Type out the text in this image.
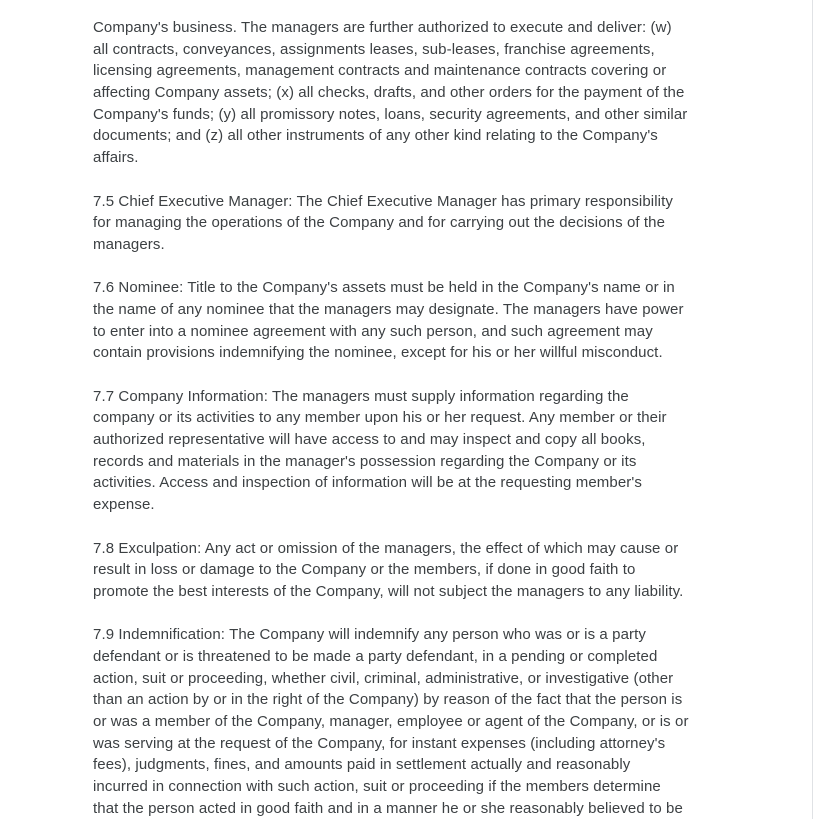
Company's business. The managers are further authorized to execute and deliver: (w)
all contracts, conveyances, assignments leases, sub-leases, franchise agreements,
licensing agreements, management contracts and maintenance contracts covering or
affecting Company assets; (x) all checks, drafts, and other orders for the payment of the
Company's funds; (y) all promissory notes, loans, security agreements, and other similar
documents; and (z) all other instruments of any other kind relating to the Company's
affairs.

7.5 Chief Executive Manager: The Chief Executive Manager has primary responsibility
for managing the operations of the Company and for carrying out the decisions of the
managers.

7.6 Nominee: Title to the Company's assets must be held in the Company's name or in
the name of any nominee that the managers may designate. The managers have power
to enter into a nominee agreement with any such person, and such agreement may
contain provisions indemnifying the nominee, except for his or her willful misconduct.

7.7 Company Information: The managers must supply information regarding the
company or its activities to any member upon his or her request. Any member or their
authorized representative will have access to and may inspect and copy all books,
records and materials in the manager's possession regarding the Company or its
activities. Access and inspection of information will be at the requesting member's
expense.

7.8 Exculpation: Any act or omission of the managers, the effect of which may cause or
result in loss or damage to the Company or the members, if done in good faith to
promote the best interests of the Company, will not subject the managers to any liability.

7.9 Indemnification: The Company will indemnify any person who was or is a party
defendant or is threatened to be made a party defendant, in a pending or completed
action, suit or proceeding, whether civil, criminal, administrative, or investigative (other
than an action by or in the right of the Company) by reason of the fact that the person is
or was a member of the Company, manager, employee or agent of the Company, or is or
was serving at the request of the Company, for instant expenses (including attorney's
fees), judgments, fines, and amounts paid in settlement actually and reasonably
incurred in connection with such action, suit or proceeding if the members determine
that the person acted in good faith and in a manner he or she reasonably believed to be
